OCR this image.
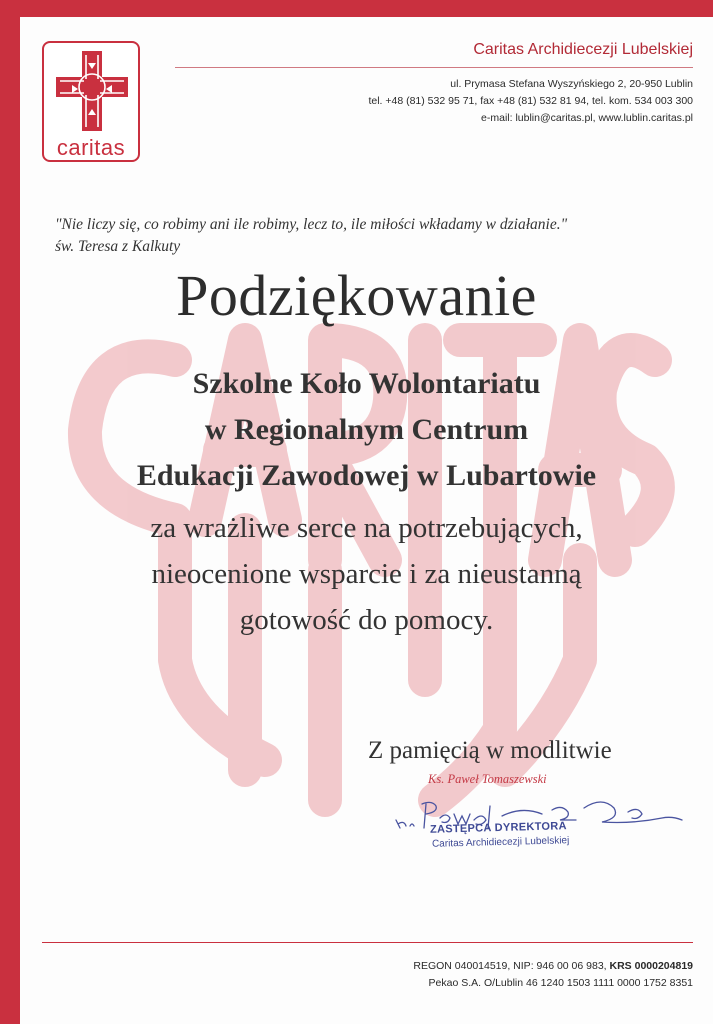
caritas
Caritas Archidiecezji Lubelskiej
ul. Prymasa Stefana Wyszyńskiego 2, 20-950 Lublin
tel. +48 (81) 532 95 71, fax +48 (81) 532 81 94, tel. kom. 534 003 300
e-mail: lublin@caritas.pl, www.lublin.caritas.pl
"Nie liczy się, co robimy ani ile robimy, lecz to, ile miłości wkładamy w działanie."
św. Teresa z Kalkuty
Podziękowanie
Szkolne Koło Wolontariatu
w Regionalnym Centrum
Edukacji Zawodowej w Lubartowie
za wrażliwe serce na potrzebujących,
nieocenione wsparcie i za nieustanną
gotowość do pomocy.
Z pamięcią w modlitwie
Ks. Paweł Tomaszewski
ZASTĘPCA DYREKTORA
Caritas Archidiecezji Lubelskiej
REGON 040014519, NIP: 946 00 06 983, KRS 0000204819
Pekao S.A. O/Lublin 46 1240 1503 1111 0000 1752 8351
